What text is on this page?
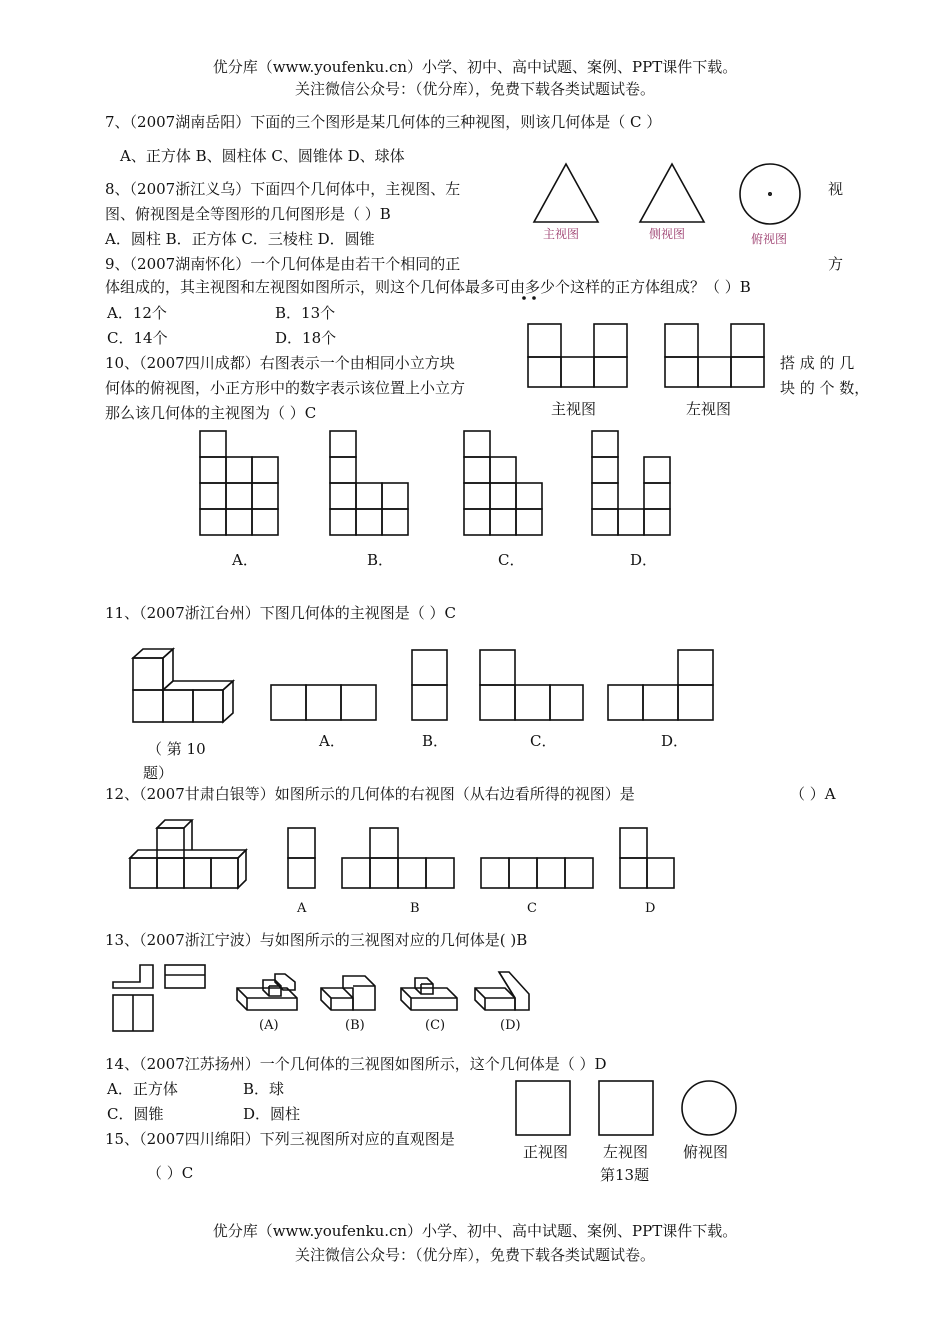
优分库（www.youfenku.cn）小学、初中、高中试题、案例、PPT课件下载。
关注微信公众号：（优分库），免费下载各类试题试卷。
7、（2007湖南岳阳）下面的三个图形是某几何体的三种视图，则该几何体是（ C ）
A、正方体 B、圆柱体 C、圆锥体 D、球体
8、（2007浙江义乌）下面四个几何体中，主视图、左	视
图、俯视图是全等图形的几何图形是（ ）B
A．圆柱 B．正方体 C．三棱柱 D．圆锥	主视图	侧视图	俯视图
9、（2007湖南怀化）一个几何体是由若干个相同的正	方
体组成的，其主视图和左视图如图所示，则这个几何体最多可由多少个这样的正方体组成？（ ）B
A．12个	B．13个
C．14个	D．18个
主视图	左视图
10、（2007四川成都）右图表示一个由相同小立方块	搭 成 的 几
何体的俯视图，小正方形中的数字表示该位置上小立方	块 的 个 数，
那么该几何体的主视图为（ ）C
A．	B．	C．	D．
11、（2007浙江台州）下图几何体的主视图是（ ）C
（ 第 10
题）
A．	B．	C．	D．
12、（2007甘肃白银等）如图所示的几何体的右视图（从右边看所得的视图）是	（ ）A
A	B	C	D
13、（2007浙江宁波）与如图所示的三视图对应的几何体是( )B
(A)	(B)	(C)	(D)
14、（2007江苏扬州）一个几何体的三视图如图所示，这个几何体是（ ）D
A．正方体	B．球
C．圆锥	D．圆柱
正视图 左视图 俯视图
第13题
15、（2007四川绵阳）下列三视图所对应的直观图是
（ ）C
优分库（www.youfenku.cn）小学、初中、高中试题、案例、PPT课件下载。
关注微信公众号：（优分库），免费下载各类试题试卷。
